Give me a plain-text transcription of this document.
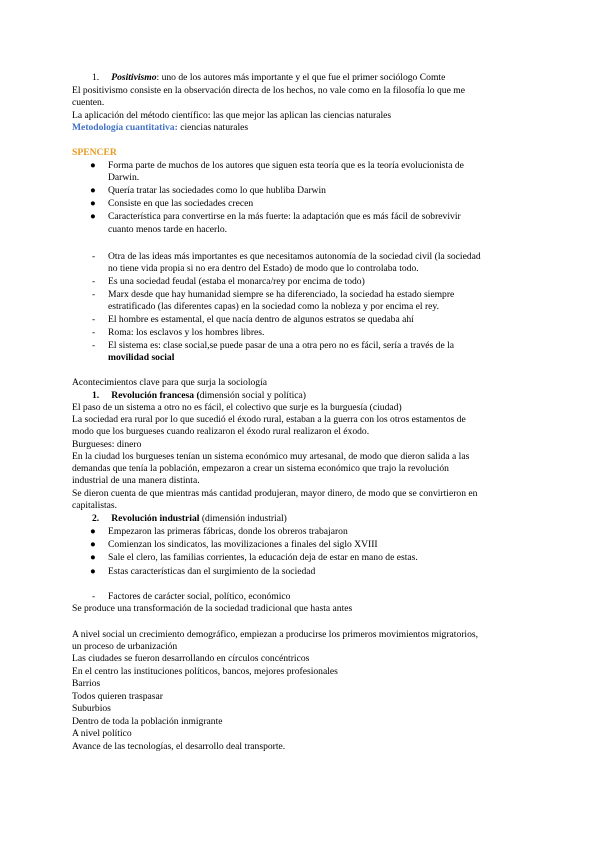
1. Positivismo: uno de los autores más importante y el que fue el primer sociólogo Comte
El positivismo consiste en la observación directa de los hechos, no vale como en la filosofía lo que me
cuenten.
La aplicación del método científico: las que mejor las aplican las ciencias naturales
Metodología cuantitativa: ciencias naturales
SPENCER
●	Forma parte de muchos de los autores que siguen esta teoría que es la teoría evolucionista de
Darwin.
●	Quería tratar las sociedades como lo que hubliba Darwin
●	Consiste en que las sociedades crecen
●	Característica para convertirse en la más fuerte: la adaptación que es más fácil de sobrevivir
cuanto menos tarde en hacerlo.
-	Otra de las ideas más importantes es que necesitamos autonomía de la sociedad civil (la sociedad
no tiene vida propia si no era dentro del Estado) de modo que lo controlaba todo.
-	Es una sociedad feudal (estaba el monarca/rey por encima de todo)
-	Marx desde que hay humanidad siempre se ha diferenciado, la sociedad ha estado siempre
estratificado (las diferentes capas) en la sociedad como la nobleza y por encima el rey.
-	El hombre es estamental, el que nacía dentro de algunos estratos se quedaba ahí
-	Roma: los esclavos y los hombres libres.
-	El sistema es: clase social,se puede pasar de una a otra pero no es fácil, sería a través de la
movilidad social
Acontecimientos clave para que surja la sociología
1. Revolución francesa (dimensión social y política)
El paso de un sistema a otro no es fácil, el colectivo que surje es la burguesía (ciudad)
La sociedad era rural por lo que sucedió el éxodo rural, estaban a la guerra con los otros estamentos de
modo que los burgueses cuando realizaron el éxodo rural realizaron el éxodo.
Burgueses: dinero
En la ciudad los burgueses tenían un sistema económico muy artesanal, de modo que dieron salida a las
demandas que tenía la población, empezaron a crear un sistema económico que trajo la revolución
industrial de una manera distinta.
Se dieron cuenta de que mientras más cantidad produjeran, mayor dinero, de modo que se convirtieron en
capitalistas.
2. Revolución industrial (dimensión industrial)
●	Empezaron las primeras fábricas, donde los obreros trabajaron
●	Comienzan los sindicatos, las movilizaciones a finales del siglo XVIII
●	Sale el clero, las familias corrientes, la educación deja de estar en mano de estas.
●	Estas características dan el surgimiento de la sociedad
-	Factores de carácter social, político, económico
Se produce una transformación de la sociedad tradicional que hasta antes
A nivel social un crecimiento demográfico, empiezan a producirse los primeros movimientos migratorios,
un proceso de urbanización
Las ciudades se fueron desarrollando en círculos concéntricos
En el centro las instituciones políticos, bancos, mejores profesionales
Barrios
Todos quieren traspasar
Suburbios
Dentro de toda la población inmigrante
A nivel político
Avance de las tecnologías, el desarrollo deal transporte.
